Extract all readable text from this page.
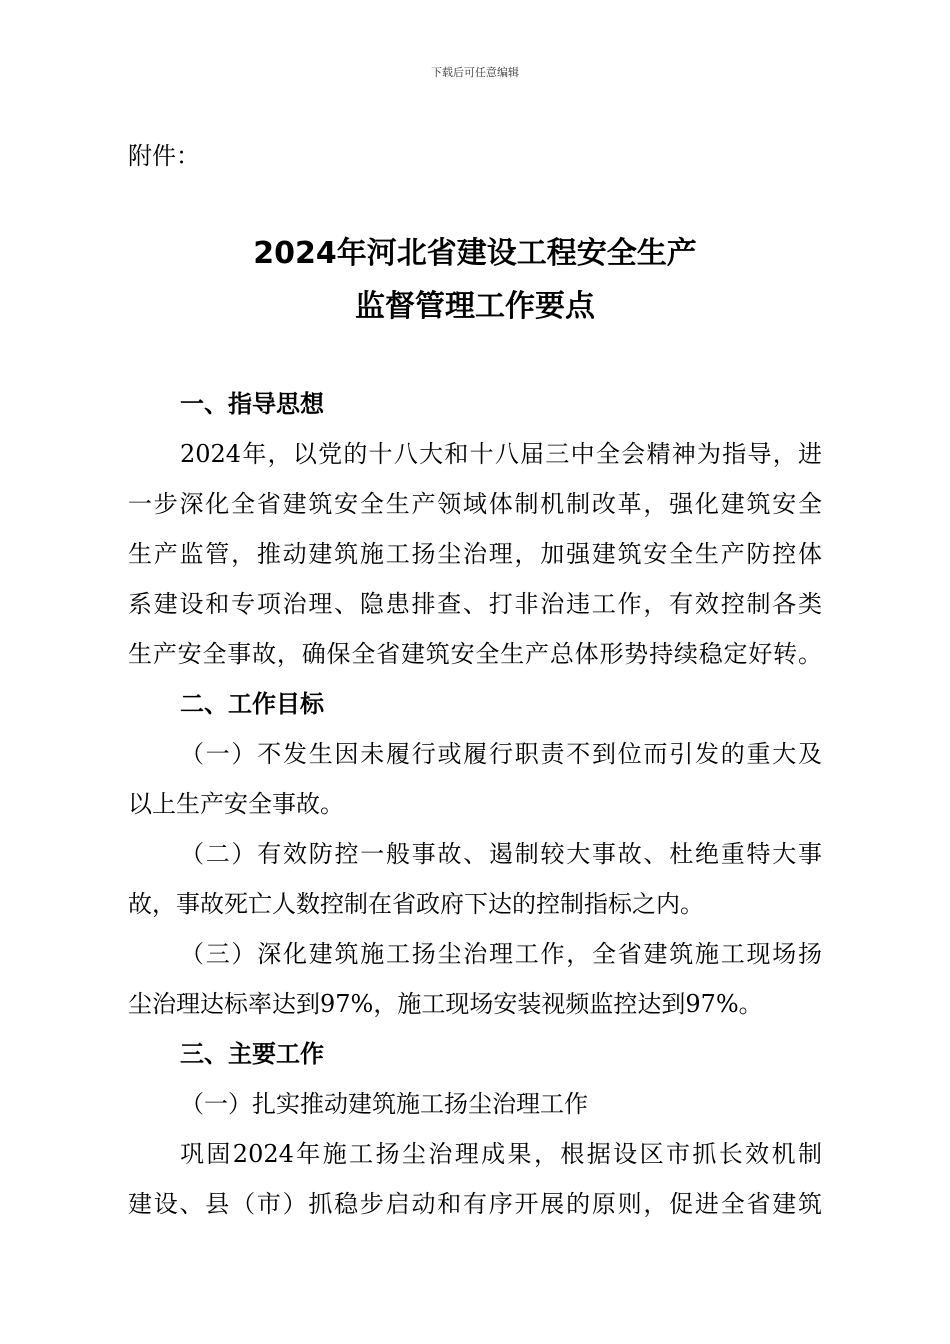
下载后可任意编辑
附件：
2024年河北省建设工程安全生产
监督管理工作要点
一、指导思想
2024年，以党的十八大和十八届三中全会精神为指导，进
一步深化全省建筑安全生产领域体制机制改革，强化建筑安全
生产监管，推动建筑施工扬尘治理，加强建筑安全生产防控体
系建设和专项治理、隐患排查、打非治违工作，有效控制各类
生产安全事故，确保全省建筑安全生产总体形势持续稳定好转。
二、工作目标
（一）不发生因未履行或履行职责不到位而引发的重大及
以上生产安全事故。
（二）有效防控一般事故、遏制较大事故、杜绝重特大事
故，事故死亡人数控制在省政府下达的控制指标之内。
（三）深化建筑施工扬尘治理工作，全省建筑施工现场扬
尘治理达标率达到97%，施工现场安装视频监控达到97%。
三、主要工作
（一）扎实推动建筑施工扬尘治理工作
巩固2024年施工扬尘治理成果，根据设区市抓长效机制
建设、县（市）抓稳步启动和有序开展的原则，促进全省建筑
